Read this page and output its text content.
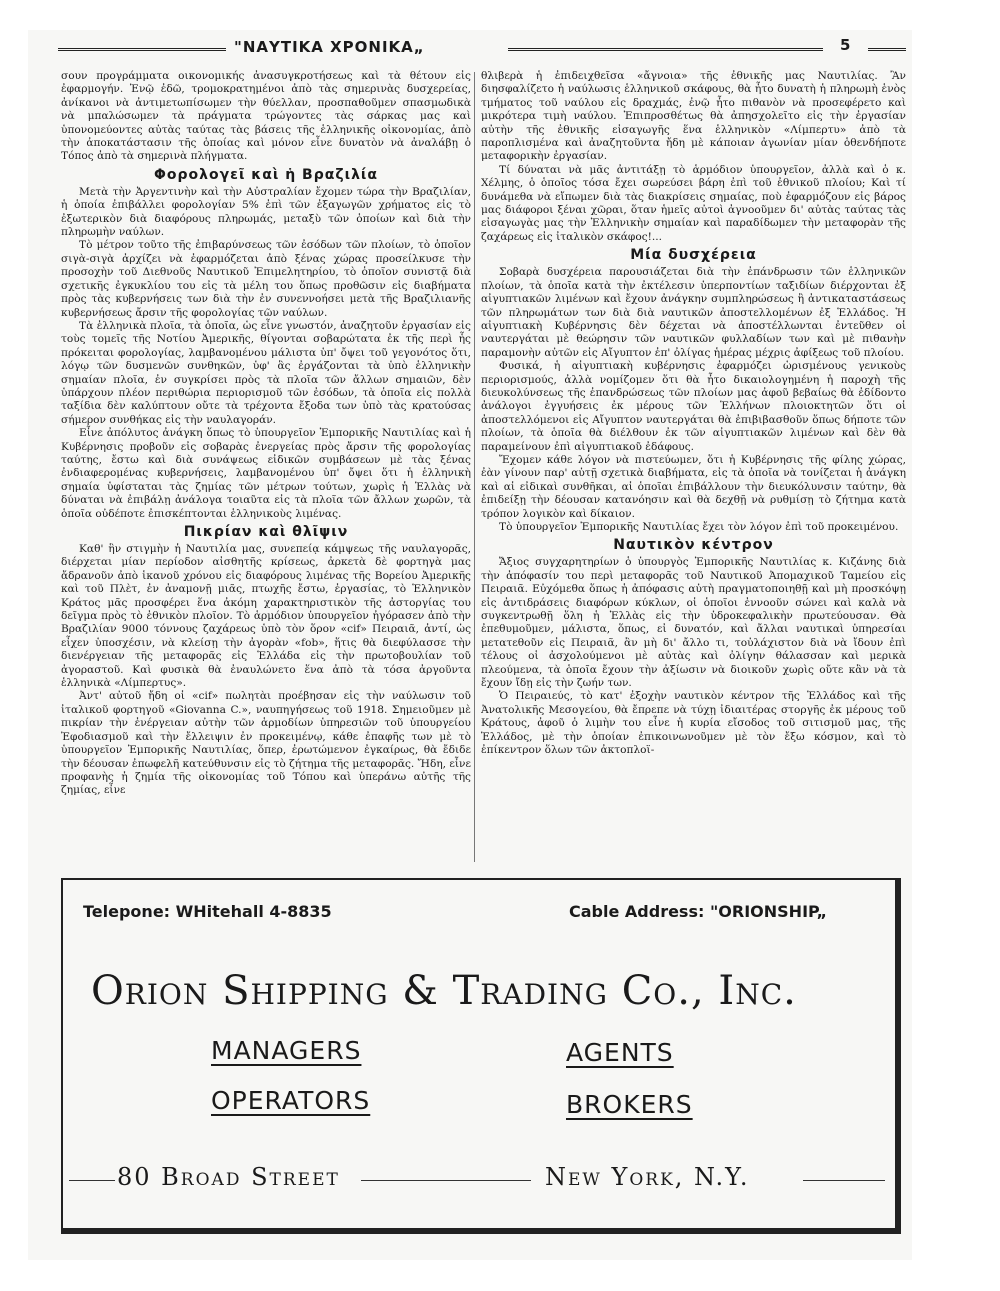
"ΝΑΥΤΙΚΑ ΧΡΟΝΙΚΑ„	5

σουν προγράμματα οικονομικής ἀνασυγκροτήσεως καὶ τὰ θέτουν εἰς ἐφαρμογήν. Ἐνῷ ἐδῶ, τρομοκρατημένοι ἀπὸ τὰς σημερινὰς δυσχερείας, ἀνίκανοι νὰ ἀντιμετωπίσωμεν τὴν θύελλαν, προσπαθοῦμεν σπασμωδικὰ νὰ μπαλώσωμεν τὰ πράγματα τρώγοντες τὰς σάρκας μας καὶ ὑπονομεύοντες αὐτὰς ταύτας τὰς βάσεις τῆς ἑλληνικῆς οἰκονομίας, ἀπὸ τὴν ἀποκατάστασιν τῆς ὁποίας καὶ μόνον εἶνε δυνατὸν νὰ ἀναλάβῃ ὁ Τόπος ἀπὸ τὰ σημερινὰ πλήγματα.

Φορολογεῖ καὶ ἡ Βραζιλία

Μετὰ τὴν Ἀργεντινὴν καὶ τὴν Αὐστραλίαν ἔχομεν τώρα τὴν Βραζιλίαν, ἡ ὁποία ἐπιβάλλει φορολογίαν 5% ἐπὶ τῶν ἐξαγωγῶν χρήματος εἰς τὸ ἐξωτερικὸν διὰ διαφόρους πληρωμάς, μεταξὺ τῶν ὁποίων καὶ διὰ τὴν πληρωμὴν ναύλων.

Τὸ μέτρον τοῦτο τῆς ἐπιβαρύνσεως τῶν ἐσόδων τῶν πλοίων, τὸ ὁποῖον σιγὰ-σιγὰ ἀρχίζει νὰ ἐφαρμόζεται ἀπὸ ξένας χώρας προσείλκυσε τὴν προσοχὴν τοῦ Διεθνοῦς Ναυτικοῦ Ἐπιμελητηρίου, τὸ ὁποῖον συνιστᾷ διὰ σχετικῆς ἐγκυκλίου του εἰς τὰ μέλη του ὅπως προθῶσιν εἰς διαβήματα πρὸς τὰς κυβερνήσεις των διὰ τὴν ἐν συνεννοήσει μετὰ τῆς Βραζιλιανῆς κυβερνήσεως ἄρσιν τῆς φορολογίας τῶν ναύλων.

Τὰ ἑλληνικὰ πλοῖα, τὰ ὁποῖα, ὡς εἶνε γνωστόν, ἀναζητοῦν ἐργασίαν εἰς τοὺς τομεῖς τῆς Νοτίου Ἀμερικῆς, θίγονται σοβαρώτατα ἐκ τῆς περὶ ἧς πρόκειται φορολογίας, λαμβανομένου μάλιστα ὑπ' ὄψει τοῦ γεγονότος ὅτι, λόγῳ τῶν δυσμενῶν συνθηκῶν, ὑφ' ἃς ἐργάζονται τὰ ὑπὸ ἑλληνικὴν σημαίαν πλοῖα, ἐν συγκρίσει πρὸς τὰ πλοῖα τῶν ἄλλων σημαιῶν, δὲν ὑπάρχουν πλέον περιθώρια περιορισμοῦ τῶν ἐσόδων, τὰ ὁποῖα εἰς πολλὰ ταξίδια δὲν καλύπτουν οὔτε τὰ τρέχοντα ἔξοδα των ὑπὸ τὰς κρατούσας σήμερον συνθήκας εἰς τὴν ναυλαγοράν.

Εἶνε ἀπόλυτος ἀνάγκη ὅπως τὸ ὑπουργεῖον Ἐμπορικῆς Ναυτιλίας καὶ ἡ Κυβέρνησις προβοῦν εἰς σοβαρὰς ἐνεργείας πρὸς ἄρσιν τῆς φορολογίας ταύτης, ἔστω καὶ διὰ συνάψεως εἰδικῶν συμβάσεων μὲ τὰς ξένας ἐνδιαφερομένας κυβερνήσεις, λαμβανομένου ὑπ' ὄψει ὅτι ἡ ἑλληνικὴ σημαία ὑφίσταται τὰς ζημίας τῶν μέτρων τούτων, χωρὶς ἡ Ἑλλὰς νὰ δύναται νὰ ἐπιβάλῃ ἀνάλογα τοιαῦτα εἰς τὰ πλοῖα τῶν ἄλλων χωρῶν, τὰ ὁποῖα οὐδέποτε ἐπισκέπτονται ἑλληνικοὺς λιμένας.

Πικρίαν καὶ θλῖψιν

Καθ' ἣν στιγμὴν ἡ Ναυτιλία μας, συνεπείᾳ κάμψεως τῆς ναυλαγορᾶς, διέρχεται μίαν περίοδον αἰσθητῆς κρίσεως, ἀρκετὰ δὲ φορτηγὰ μας ἄδρανοῦν ἀπὸ ἱκανοῦ χρόνου εἰς διαφόρους λιμένας τῆς Βορείου Ἀμερικῆς καὶ τοῦ Πλὲτ, ἐν ἀναμονῇ μιᾶς, πτωχῆς ἔστω, ἐργασίας, τὸ Ἑλληνικὸν Κράτος μᾶς προσφέρει ἕνα ἀκόμη χαρακτηριστικὸν τῆς ἀστοργίας του δεῖγμα πρὸς τὸ ἐθνικὸν πλοῖον. Τὸ ἁρμόδιον ὑπουργεῖον ἠγόρασεν ἀπὸ τὴν Βραζιλίαν 9000 τόννους ζαχάρεως ὑπὸ τὸν ὅρον «cif» Πειραιᾶ, ἀντί, ὡς εἶχεν ὑποσχέσιν, νὰ κλείσῃ τὴν ἀγορὰν «fob», ἥτις θὰ διεφύλασσε τὴν διενέργειαν τῆς μεταφορᾶς εἰς Ἑλλάδα εἰς τὴν πρωτοβουλίαν τοῦ ἀγοραστοῦ. Καὶ φυσικὰ θὰ ἐναυλώνετο ἕνα ἀπὸ τὰ τόσα ἀργοῦντα ἑλληνικὰ «Λίμπερτυς».

Ἀντ' αὐτοῦ ἤδη οἱ «cif» πωλητὰι προέβησαν εἰς τὴν ναύλωσιν τοῦ ἰταλικοῦ φορτηγοῦ «Giovanna C.», ναυπηγήσεως τοῦ 1918. Σημειοῦμεν μὲ πικρίαν τὴν ἐνέργειαν αὐτὴν τῶν ἁρμοδίων ὑπηρεσιῶν τοῦ ὑπουργείου Ἐφοδιασμοῦ καὶ τὴν ἔλλειψιν ἐν προκειμένῳ, κάθε ἐπαφῆς των μὲ τὸ ὑπουργεῖον Ἐμπορικῆς Ναυτιλίας, ὅπερ, ἐρωτώμενον ἐγκαίρως, θὰ ἔδιδε τὴν δέουσαν ἐπωφελῆ κατεύθυνσιν εἰς τὸ ζήτημα τῆς μεταφορᾶς. Ἤδη, εἶνε προφανὴς ἡ ζημία τῆς οἰκονομίας τοῦ Τόπου καὶ ὑπεράνω αὐτῆς τῆς ζημίας, εἶνε

θλιβερὰ ἡ ἐπιδειχθεῖσα «ἄγνοια» τῆς ἐθνικῆς μας Ναυτιλίας. Ἂν διησφαλίζετο ἡ ναύλωσις ἑλληνικοῦ σκάφους, θὰ ἦτο δυνατὴ ἡ πληρωμὴ ἑνὸς τμήματος τοῦ ναύλου εἰς δραχμάς, ἐνῷ ἦτο πιθανὸν νὰ προσεφέρετο καὶ μικρότερα τιμὴ ναύλου. Ἐπιπροσθέτως θὰ ἀπησχολεῖτο εἰς τὴν ἐργασίαν αὐτὴν τῆς ἐθνικῆς εἰσαγωγῆς ἕνα ἑλληνικὸν «Λίμπερτυ» ἀπὸ τὰ παροπλισμένα καὶ ἀναζητοῦντα ἤδη μὲ κάποιαν ἀγωνίαν μίαν ὁθενδήποτε μεταφορικὴν ἐργασίαν.

Τί δύναται νὰ μᾶς ἀντιτάξῃ τὸ ἁρμόδιον ὑπουργεῖον, ἀλλὰ καὶ ὁ κ. Χέλμης, ὁ ὁποῖος τόσα ἔχει σωρεύσει βάρη ἐπὶ τοῦ ἐθνικοῦ πλοίου; Καὶ τί δυνάμεθα νὰ εἴπωμεν διὰ τὰς διακρίσεις σημαίας, ποὺ ἐφαρμόζουν εἰς βάρος μας διάφοροι ξέναι χῶραι, ὅταν ἡμεῖς αὐτοὶ ἀγνοοῦμεν δι' αὐτὰς ταύτας τὰς εἰσαγωγὰς μας τὴν Ἑλληνικὴν σημαίαν καὶ παραδίδωμεν τὴν μεταφορὰν τῆς ζαχάρεως εἰς ἰταλικὸν σκάφος!...

Μία δυσχέρεια

Σοβαρὰ δυσχέρεια παρουσιάζεται διὰ τὴν ἐπάνδρωσιν τῶν ἑλληνικῶν πλοίων, τὰ ὁποῖα κατὰ τὴν ἐκτέλεσιν ὑπερποντίων ταξιδίων διέρχονται ἐξ αἰγυπτιακῶν λιμένων καὶ ἔχουν ἀνάγκην συμπληρώσεως ἢ ἀντικαταστάσεως τῶν πληρωμάτων των διὰ διὰ ναυτικῶν ἀποστελλομένων ἐξ Ἑλλάδος. Ἡ αἰγυπτιακὴ Κυβέρνησις δὲν δέχεται νὰ ἀποστέλλωνται ἐντεῦθεν οἱ ναυτεργάται μὲ θεώρησιν τῶν ναυτικῶν φυλλαδίων των καὶ μὲ πιθανὴν παραμονὴν αὐτῶν εἰς Αἴγυπτον ἐπ' ὀλίγας ἡμέρας μέχρις ἀφίξεως τοῦ πλοίου.

Φυσικά, ἡ αἰγυπτιακὴ κυβέρνησις ἐφαρμόζει ὡρισμένους γενικοὺς περιορισμούς, ἀλλὰ νομίζομεν ὅτι θὰ ἦτο δικαιολογημένη ἡ παροχὴ τῆς διευκολύνσεως τῆς ἐπανδρώσεως τῶν πλοίων μας ἀφοῦ βεβαίως θὰ ἐδίδοντο ἀνάλογοι ἐγγυήσεις ἐκ μέρους τῶν Ἑλλήνων πλοιοκτητῶν ὅτι οἱ ἀποστελλόμενοι εἰς Αἴγυπτον ναυτεργάται θὰ ἐπιβιβασθοῦν ὅπως δήποτε τῶν πλοίων, τὰ ὁποῖα θὰ διέλθουν ἐκ τῶν αἰγυπτιακῶν λιμένων καὶ δὲν θὰ παραμείνουν ἐπὶ αἰγυπτιακοῦ ἐδάφους.

Ἔχομεν κάθε λόγον νὰ πιστεύωμεν, ὅτι ἡ Κυβέρνησις τῆς φίλης χώρας, ἐὰν γίνουν παρ' αὐτῇ σχετικὰ διαβήματα, εἰς τὰ ὁποῖα νὰ τονίζεται ἡ ἀνάγκη καὶ αἱ εἰδικαὶ συνθῆκαι, αἱ ὁποῖαι ἐπιβάλλουν τὴν διευκόλυνσιν ταύτην, θὰ ἐπιδείξῃ τὴν δέουσαν κατανόησιν καὶ θὰ δεχθῇ νὰ ρυθμίσῃ τὸ ζήτημα κατὰ τρόπον λογικὸν καὶ δίκαιον.

Τὸ ὑπουργεῖον Ἐμπορικῆς Ναυτιλίας ἔχει τὸν λόγον ἐπὶ τοῦ προκειμένου.

Ναυτικὸν κέντρον

Ἄξιος συγχαρητηρίων ὁ ὑπουργὸς Ἐμπορικῆς Ναυτιλίας κ. Κιζάνης διὰ τὴν ἀπόφασίν του περὶ μεταφορᾶς τοῦ Ναυτικοῦ Ἀπομαχικοῦ Ταμείου εἰς Πειραιᾶ. Εὐχόμεθα ὅπως ἡ ἀπόφασις αὐτὴ πραγματοποιηθῇ καὶ μὴ προσκόψῃ εἰς ἀντιδράσεις διαφόρων κύκλων, οἱ ὁποῖοι ἐννοοῦν σώνει καὶ καλὰ νὰ συγκεντρωθῇ ὅλη ἡ Ἑλλὰς εἰς τὴν ὑδροκεφαλικὴν πρωτεύουσαν. Θὰ ἐπεθυμοῦμεν, μάλιστα, ὅπως, εἰ δυνατόν, καὶ ἄλλαι ναυτικαὶ ὑπηρεσίαι μετατεθοῦν εἰς Πειραιᾶ, ἂν μὴ δι' ἄλλο τι, τοὐλάχιστον διὰ νὰ ἴδουν ἐπὶ τέλους οἱ ἀσχολούμενοι μὲ αὐτὰς καὶ ὀλίγην θάλασσαν καὶ μερικὰ πλεούμενα, τὰ ὁποῖα ἔχουν τὴν ἀξίωσιν νὰ διοικοῦν χωρὶς οὔτε κἂν νὰ τὰ ἔχουν ἴδῃ εἰς τὴν ζωήν των.

Ὁ Πειραιεύς, τὸ κατ' ἐξοχὴν ναυτικὸν κέντρον τῆς Ἑλλάδος καὶ τῆς Ἀνατολικῆς Μεσογείου, θὰ ἔπρεπε νὰ τύχῃ ἰδιαιτέρας στοργῆς ἐκ μέρους τοῦ Κράτους, ἀφοῦ ὁ λιμὴν του εἶνε ἡ κυρία εἴσοδος τοῦ σιτισμοῦ μας, τῆς Ἑλλάδος, μὲ τὴν ὁποίαν ἐπικοινωνοῦμεν μὲ τὸν ἔξω κόσμον, καὶ τὸ ἐπίκεντρον ὅλων τῶν ἀκτοπλοϊ-

Telepone: WHitehall 4-8835	Cable Address: "ORIONSHIP„
Orion Shipping & Trading Co., Inc.
MANAGERS	AGENTS
OPERATORS	BROKERS
80 Broad Street	New York, N.Y.
